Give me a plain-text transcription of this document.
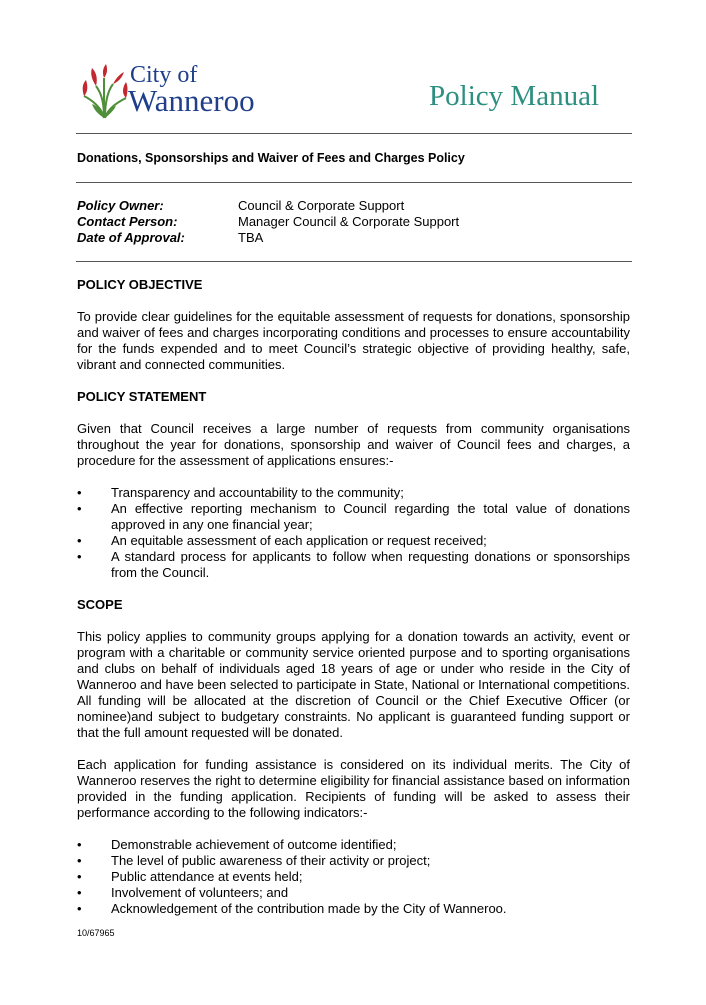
City of
Wanneroo	Policy Manual
Donations, Sponsorships and Waiver of Fees and Charges Policy
Policy Owner:	Council & Corporate Support
Contact Person:	Manager Council & Corporate Support
Date of Approval:	TBA
POLICY OBJECTIVE
To provide clear guidelines for the equitable assessment of requests for donations, sponsorship and waiver of fees and charges incorporating conditions and processes to ensure accountability for the funds expended and to meet Council’s strategic objective of providing healthy, safe, vibrant and connected communities.
POLICY STATEMENT
Given that Council receives a large number of requests from community organisations throughout the year for donations, sponsorship and waiver of Council fees and charges, a procedure for the assessment of applications ensures:-
• Transparency and accountability to the community;
• An effective reporting mechanism to Council regarding the total value of donations approved in any one financial year;
• An equitable assessment of each application or request received;
• A standard process for applicants to follow when requesting donations or sponsorships from the Council.
SCOPE
This policy applies to community groups applying for a donation towards an activity, event or program with a charitable or community service oriented purpose and to sporting organisations and clubs on behalf of individuals aged 18 years of age or under who reside in the City of Wanneroo and have been selected to participate in State, National or International competitions. All funding will be allocated at the discretion of Council or the Chief Executive Officer (or nominee)and subject to budgetary constraints. No applicant is guaranteed funding support or that the full amount requested will be donated.
Each application for funding assistance is considered on its individual merits. The City of Wanneroo reserves the right to determine eligibility for financial assistance based on information provided in the funding application. Recipients of funding will be asked to assess their performance according to the following indicators:-
• Demonstrable achievement of outcome identified;
• The level of public awareness of their activity or project;
• Public attendance at events held;
• Involvement of volunteers; and
• Acknowledgement of the contribution made by the City of Wanneroo.
10/67965
